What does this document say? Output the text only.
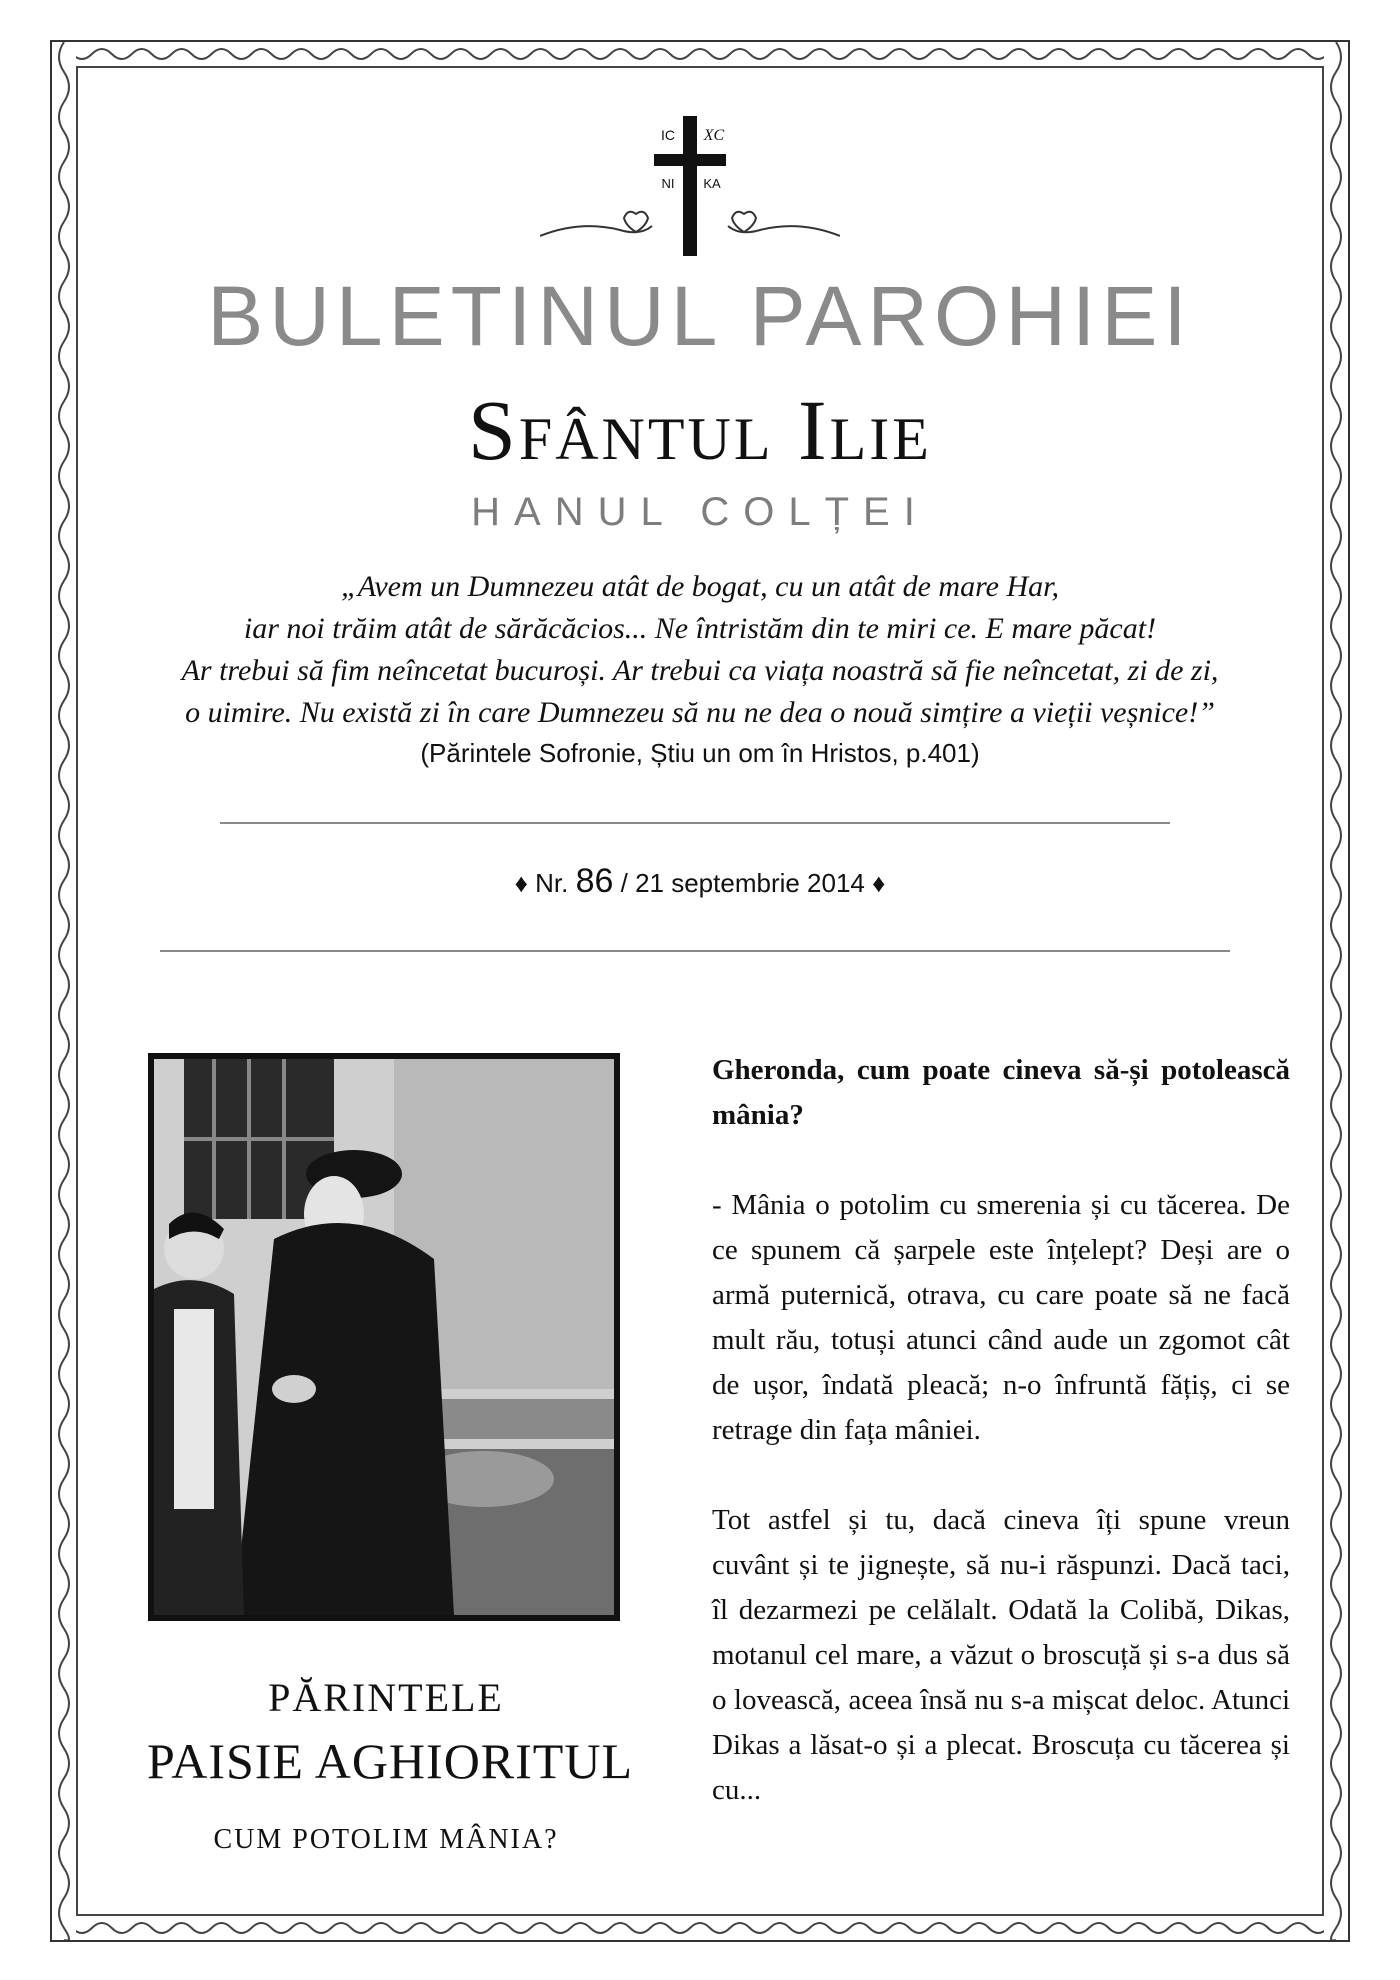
IC XC
NI KA
BULETINUL PAROHIEI
Sfântul Ilie
HANUL COLȚEI
„Avem un Dumnezeu atât de bogat, cu un atât de mare Har,
iar noi trăim atât de sărăcăcios... Ne întristăm din te miri ce. E mare păcat!
Ar trebui să fim neîncetat bucuroși. Ar trebui ca viața noastră să fie neîncetat, zi de zi,
o uimire. Nu există zi în care Dumnezeu să nu ne dea o nouă simțire a vieții veșnice!”
(Părintele Sofronie, Știu un om în Hristos, p.401)
♦ Nr. 86 / 21 septembrie 2014 ♦
PĂRINTELE
PAISIE AGHIORITUL
CUM POTOLIM MÂNIA?
Gheronda, cum poate cineva să-și potolească mânia?

- Mânia o potolim cu smerenia și cu tăcerea. De ce spunem că șarpele este înțelept? Deși are o armă puternică, otrava, cu care poate să ne facă mult rău, totuși atunci când aude un zgomot cât de ușor, îndată pleacă; n-o înfruntă fățiș, ci se retrage din fața mâniei.

Tot astfel și tu, dacă cineva îți spune vreun cuvânt și te jignește, să nu-i răspunzi. Dacă taci, îl dezarmezi pe celălalt. Odată la Colibă, Dikas, motanul cel mare, a văzut o broscuță și s-a dus să o lovească, aceea însă nu s-a mișcat deloc. Atunci Dikas a lăsat-o și a plecat. Broscuța cu tăcerea și cu...
